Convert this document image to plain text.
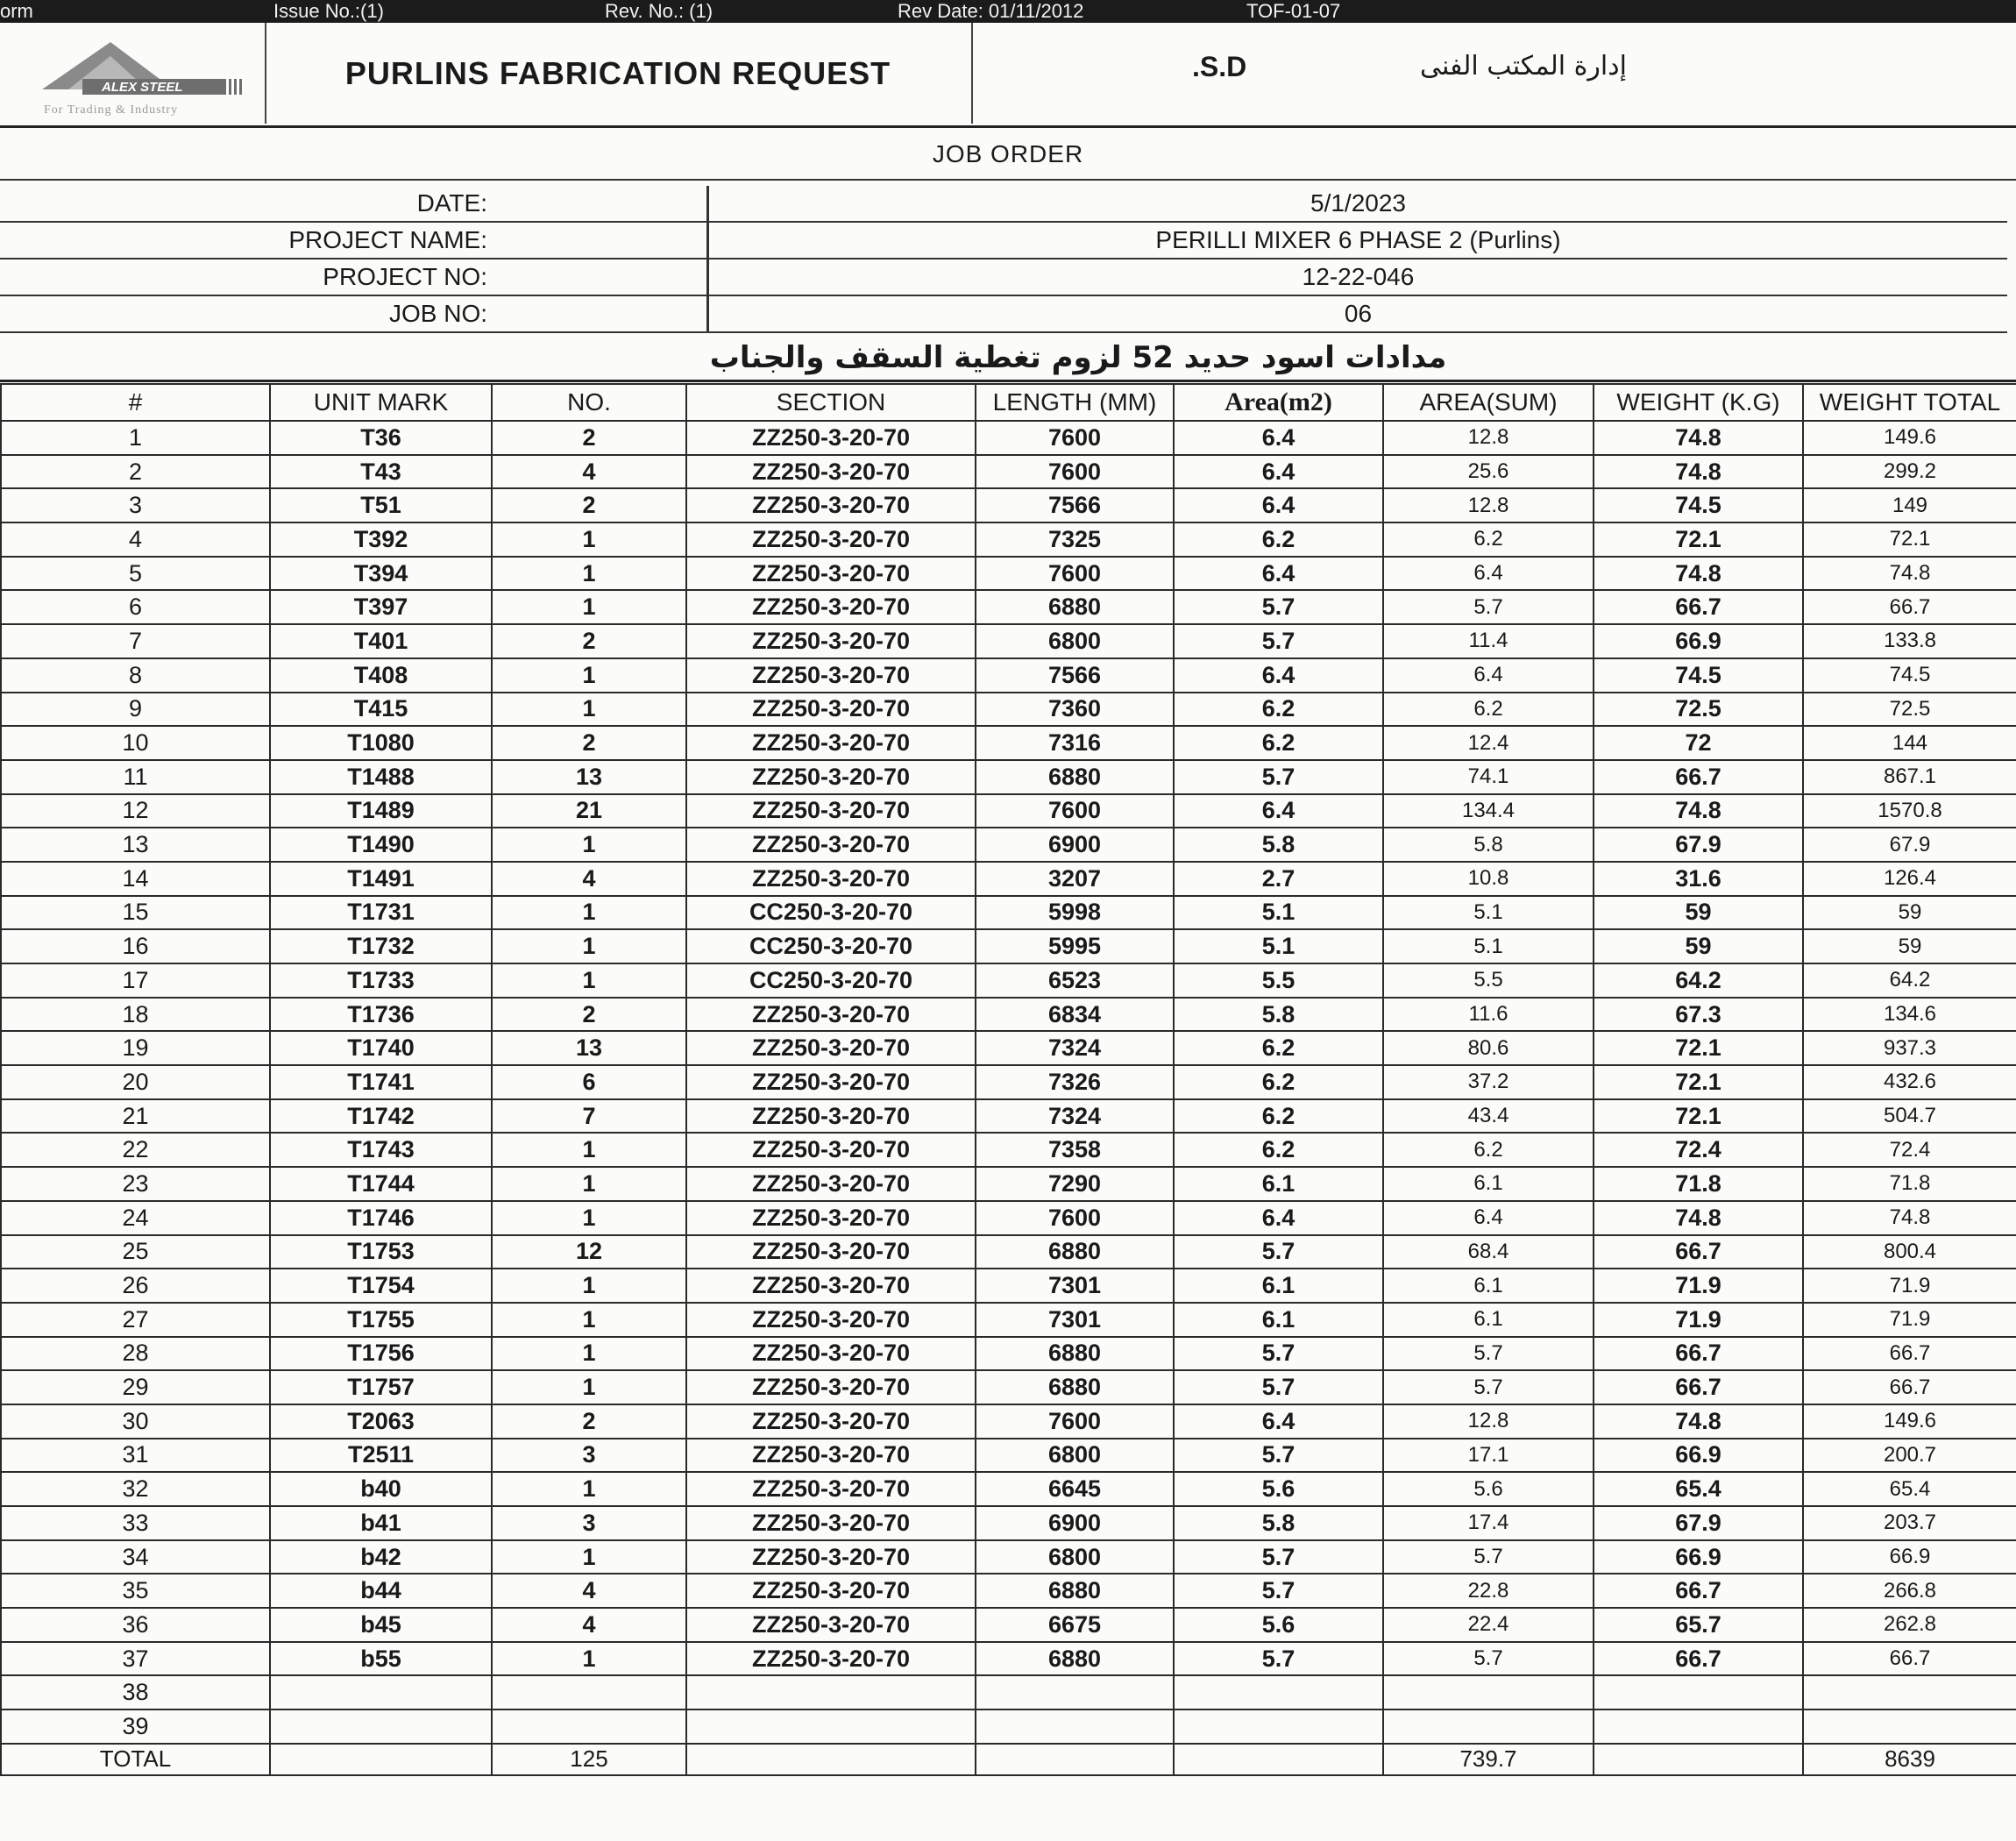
orm	Issue No.:(1)	Rev. No.: (1)	Rev Date: 01/11/2012	TOF-01-07
ALEX STEEL
For Trading & Industry
PURLINS FABRICATION REQUEST	.S.D	إدارة المكتب الفنى
JOB ORDER
DATE:	5/1/2023
PROJECT NAME:	PERILLI MIXER 6 PHASE 2 (Purlins)
PROJECT NO:	12-22-046
JOB NO:	06
مدادات اسود حديد 52 لزوم تغطية السقف والجناب
#	UNIT MARK	NO.	SECTION	LENGTH (MM)	Area(m2)	AREA(SUM)	WEIGHT (K.G)	WEIGHT TOTAL
1	T36	2	ZZ250-3-20-70	7600	6.4	12.8	74.8	149.6
2	T43	4	ZZ250-3-20-70	7600	6.4	25.6	74.8	299.2
3	T51	2	ZZ250-3-20-70	7566	6.4	12.8	74.5	149
4	T392	1	ZZ250-3-20-70	7325	6.2	6.2	72.1	72.1
5	T394	1	ZZ250-3-20-70	7600	6.4	6.4	74.8	74.8
6	T397	1	ZZ250-3-20-70	6880	5.7	5.7	66.7	66.7
7	T401	2	ZZ250-3-20-70	6800	5.7	11.4	66.9	133.8
8	T408	1	ZZ250-3-20-70	7566	6.4	6.4	74.5	74.5
9	T415	1	ZZ250-3-20-70	7360	6.2	6.2	72.5	72.5
10	T1080	2	ZZ250-3-20-70	7316	6.2	12.4	72	144
11	T1488	13	ZZ250-3-20-70	6880	5.7	74.1	66.7	867.1
12	T1489	21	ZZ250-3-20-70	7600	6.4	134.4	74.8	1570.8
13	T1490	1	ZZ250-3-20-70	6900	5.8	5.8	67.9	67.9
14	T1491	4	ZZ250-3-20-70	3207	2.7	10.8	31.6	126.4
15	T1731	1	CC250-3-20-70	5998	5.1	5.1	59	59
16	T1732	1	CC250-3-20-70	5995	5.1	5.1	59	59
17	T1733	1	CC250-3-20-70	6523	5.5	5.5	64.2	64.2
18	T1736	2	ZZ250-3-20-70	6834	5.8	11.6	67.3	134.6
19	T1740	13	ZZ250-3-20-70	7324	6.2	80.6	72.1	937.3
20	T1741	6	ZZ250-3-20-70	7326	6.2	37.2	72.1	432.6
21	T1742	7	ZZ250-3-20-70	7324	6.2	43.4	72.1	504.7
22	T1743	1	ZZ250-3-20-70	7358	6.2	6.2	72.4	72.4
23	T1744	1	ZZ250-3-20-70	7290	6.1	6.1	71.8	71.8
24	T1746	1	ZZ250-3-20-70	7600	6.4	6.4	74.8	74.8
25	T1753	12	ZZ250-3-20-70	6880	5.7	68.4	66.7	800.4
26	T1754	1	ZZ250-3-20-70	7301	6.1	6.1	71.9	71.9
27	T1755	1	ZZ250-3-20-70	7301	6.1	6.1	71.9	71.9
28	T1756	1	ZZ250-3-20-70	6880	5.7	5.7	66.7	66.7
29	T1757	1	ZZ250-3-20-70	6880	5.7	5.7	66.7	66.7
30	T2063	2	ZZ250-3-20-70	7600	6.4	12.8	74.8	149.6
31	T2511	3	ZZ250-3-20-70	6800	5.7	17.1	66.9	200.7
32	b40	1	ZZ250-3-20-70	6645	5.6	5.6	65.4	65.4
33	b41	3	ZZ250-3-20-70	6900	5.8	17.4	67.9	203.7
34	b42	1	ZZ250-3-20-70	6800	5.7	5.7	66.9	66.9
35	b44	4	ZZ250-3-20-70	6880	5.7	22.8	66.7	266.8
36	b45	4	ZZ250-3-20-70	6675	5.6	22.4	65.7	262.8
37	b55	1	ZZ250-3-20-70	6880	5.7	5.7	66.7	66.7
38								
39								
TOTAL		125				739.7		8639
